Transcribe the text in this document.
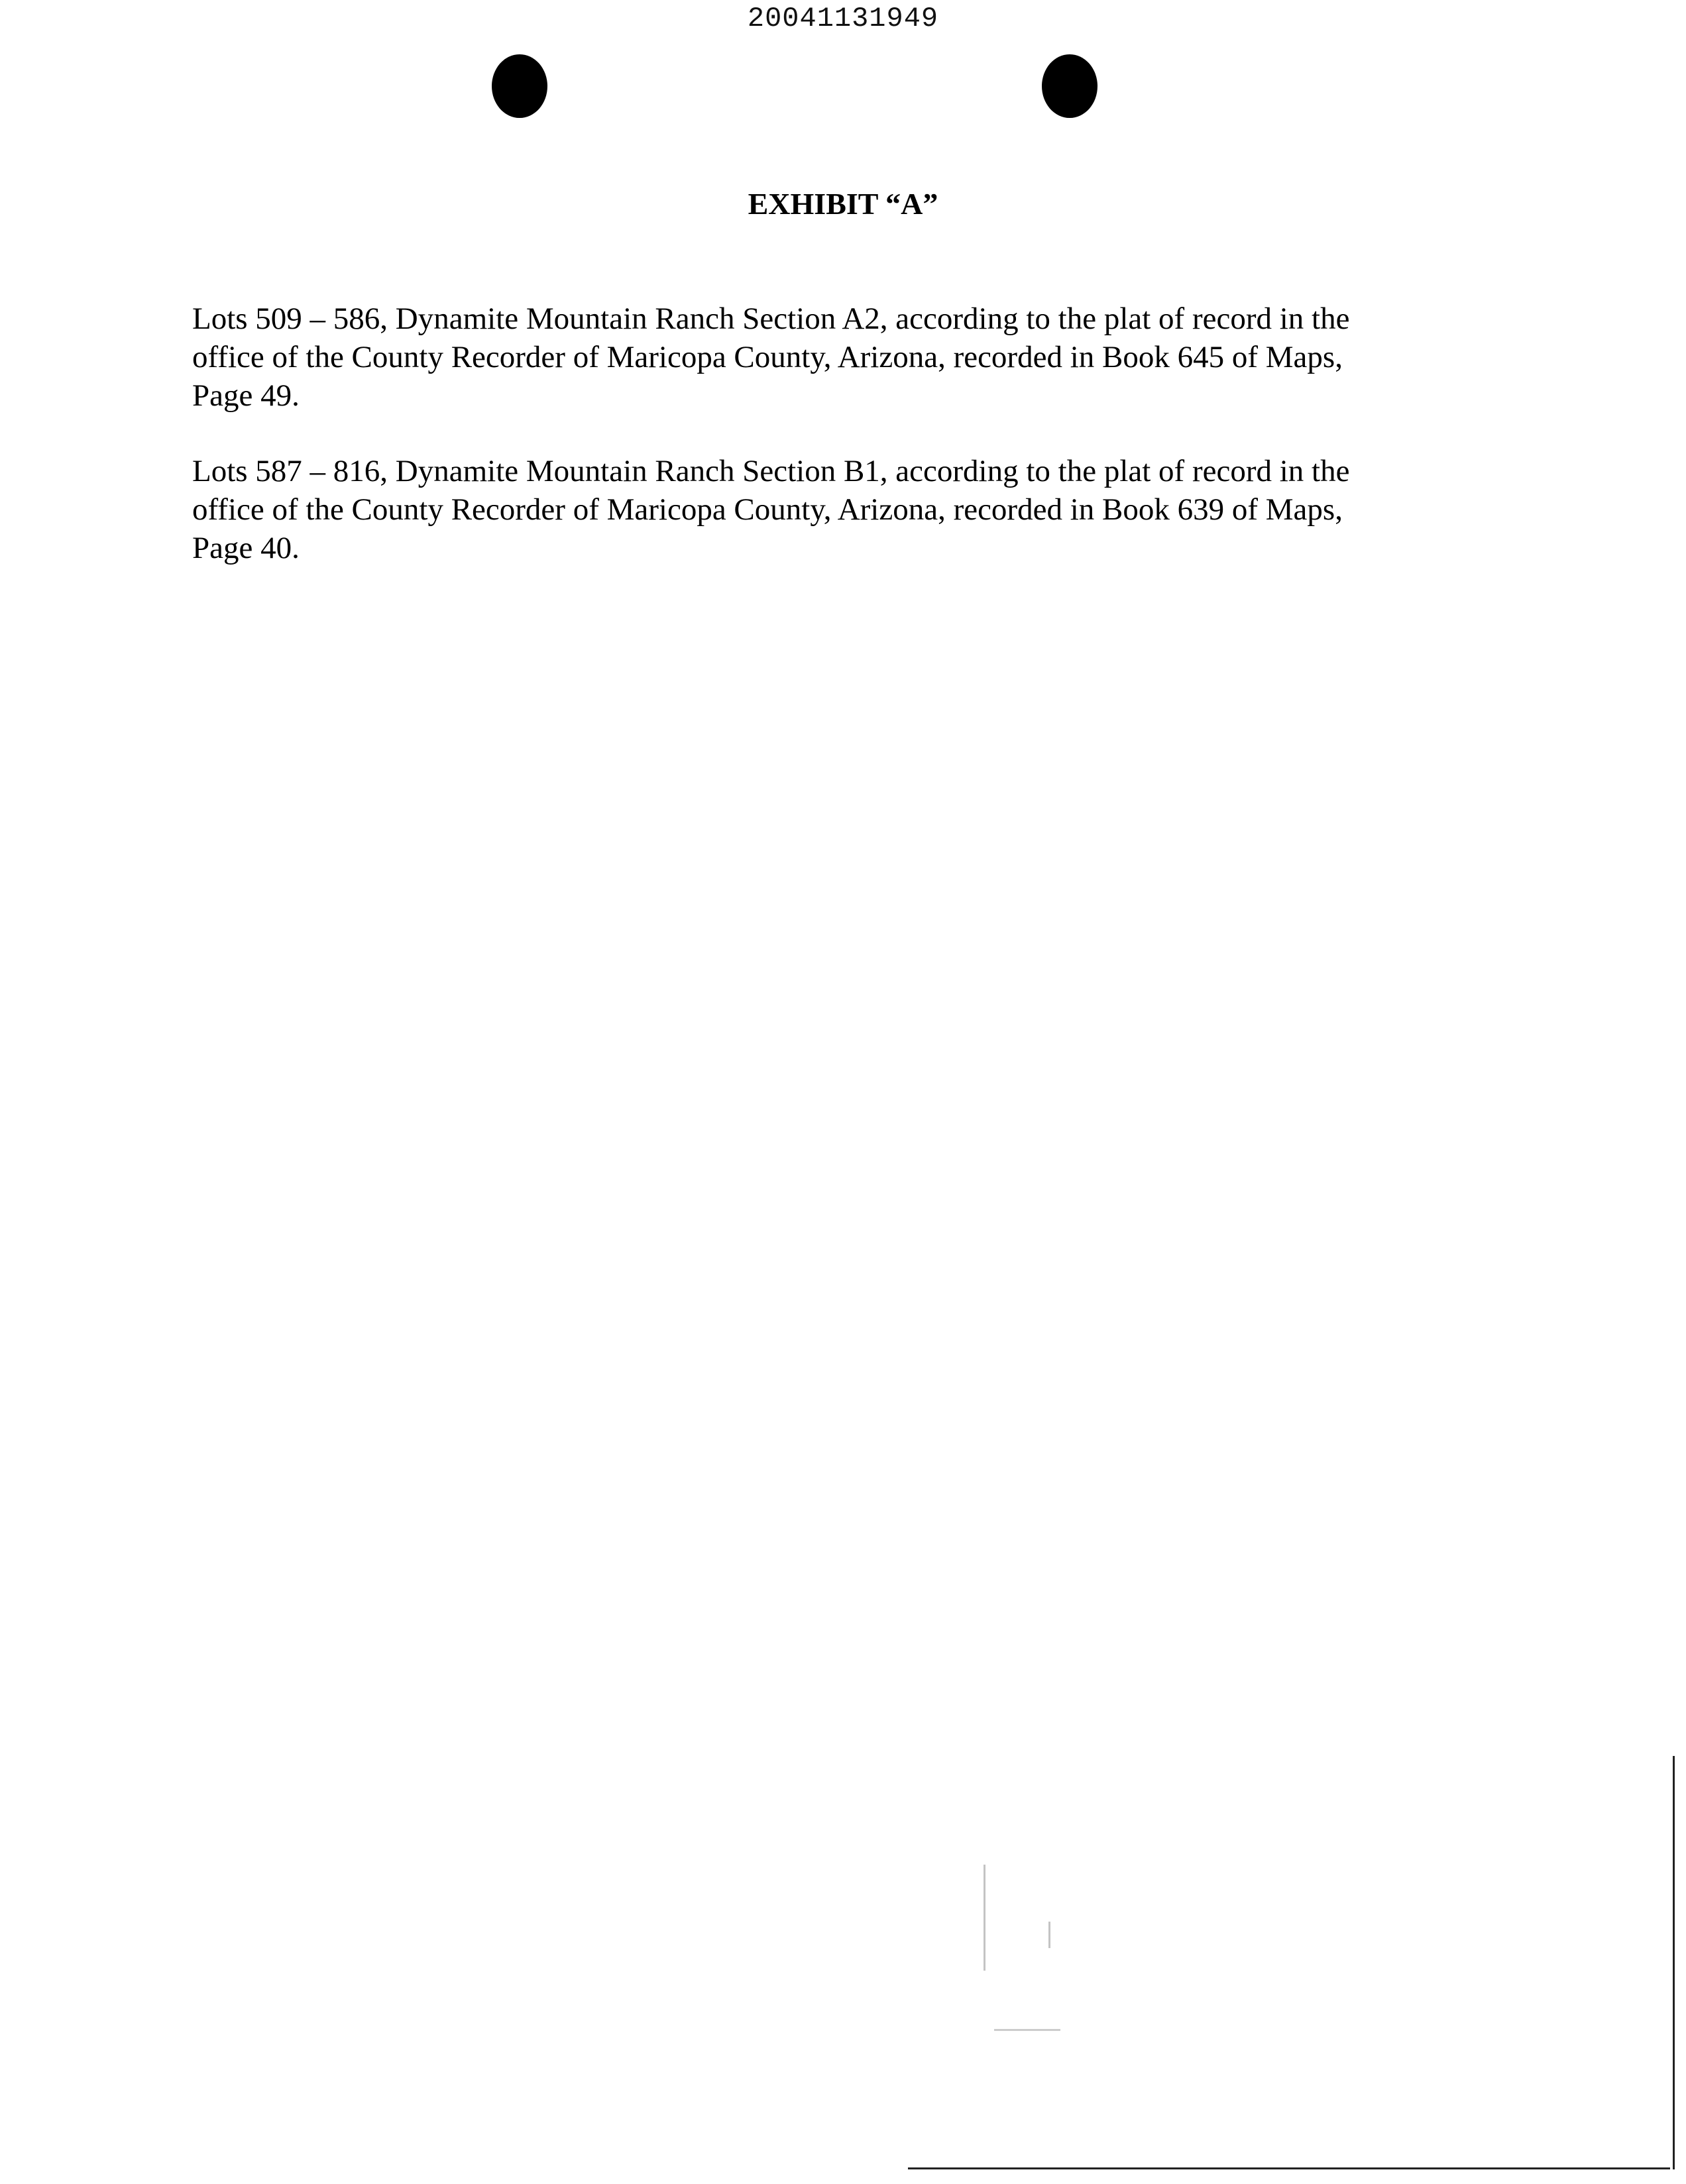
20041131949
EXHIBIT “A”

Lots 509 – 586, Dynamite Mountain Ranch Section A2, according to the plat of record in the
office of the County Recorder of Maricopa County, Arizona, recorded in Book 645 of Maps,
Page 49.

Lots 587 – 816, Dynamite Mountain Ranch Section B1, according to the plat of record in the
office of the County Recorder of Maricopa County, Arizona, recorded in Book 639 of Maps,
Page 40.
